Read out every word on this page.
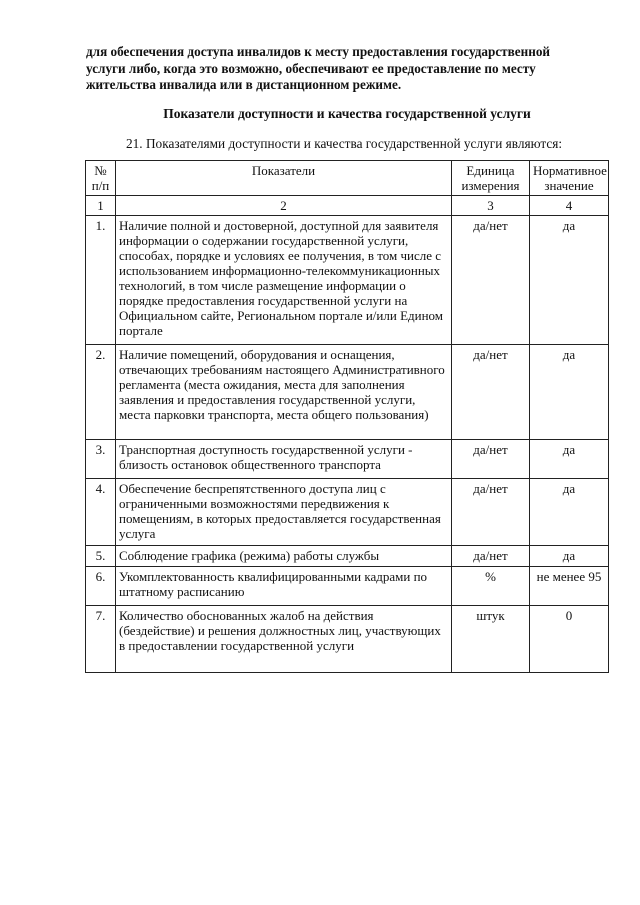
для обеспечения доступа инвалидов к месту предоставления государственной
услуги либо, когда это возможно, обеспечивают ее предоставление по месту
жительства инвалида или в дистанционном режиме.
Показатели доступности и качества государственной услуги
21. Показателями доступности и качества государственной услуги являются:
№ п/п	Показатели	Единица измерения	Нормативное значение
1	2	3	4
1.	Наличие полной и достоверной, доступной для заявителя информации о содержании государственной услуги, способах, порядке и условиях ее получения, в том числе с использованием информационно-телекоммуникационных технологий, в том числе размещение информации о порядке предоставления государственной услуги на Официальном сайте, Региональном портале и/или Едином портале	да/нет	да
2.	Наличие помещений, оборудования и оснащения, отвечающих требованиям настоящего Административного регламента (места ожидания, места для заполнения заявления и предоставления государственной услуги, места парковки транспорта, места общего пользования)	да/нет	да
3.	Транспортная доступность государственной услуги - близость остановок общественного транспорта	да/нет	да
4.	Обеспечение беспрепятственного доступа лиц с ограниченными возможностями передвижения к помещениям, в которых предоставляется государственная услуга	да/нет	да
5.	Соблюдение графика (режима) работы службы	да/нет	да
6.	Укомплектованность квалифицированными кадрами по штатному расписанию	%	не менее 95
7.	Количество обоснованных жалоб на действия (бездействие) и решения должностных лиц, участвующих в предоставлении государственной услуги	штук	0
